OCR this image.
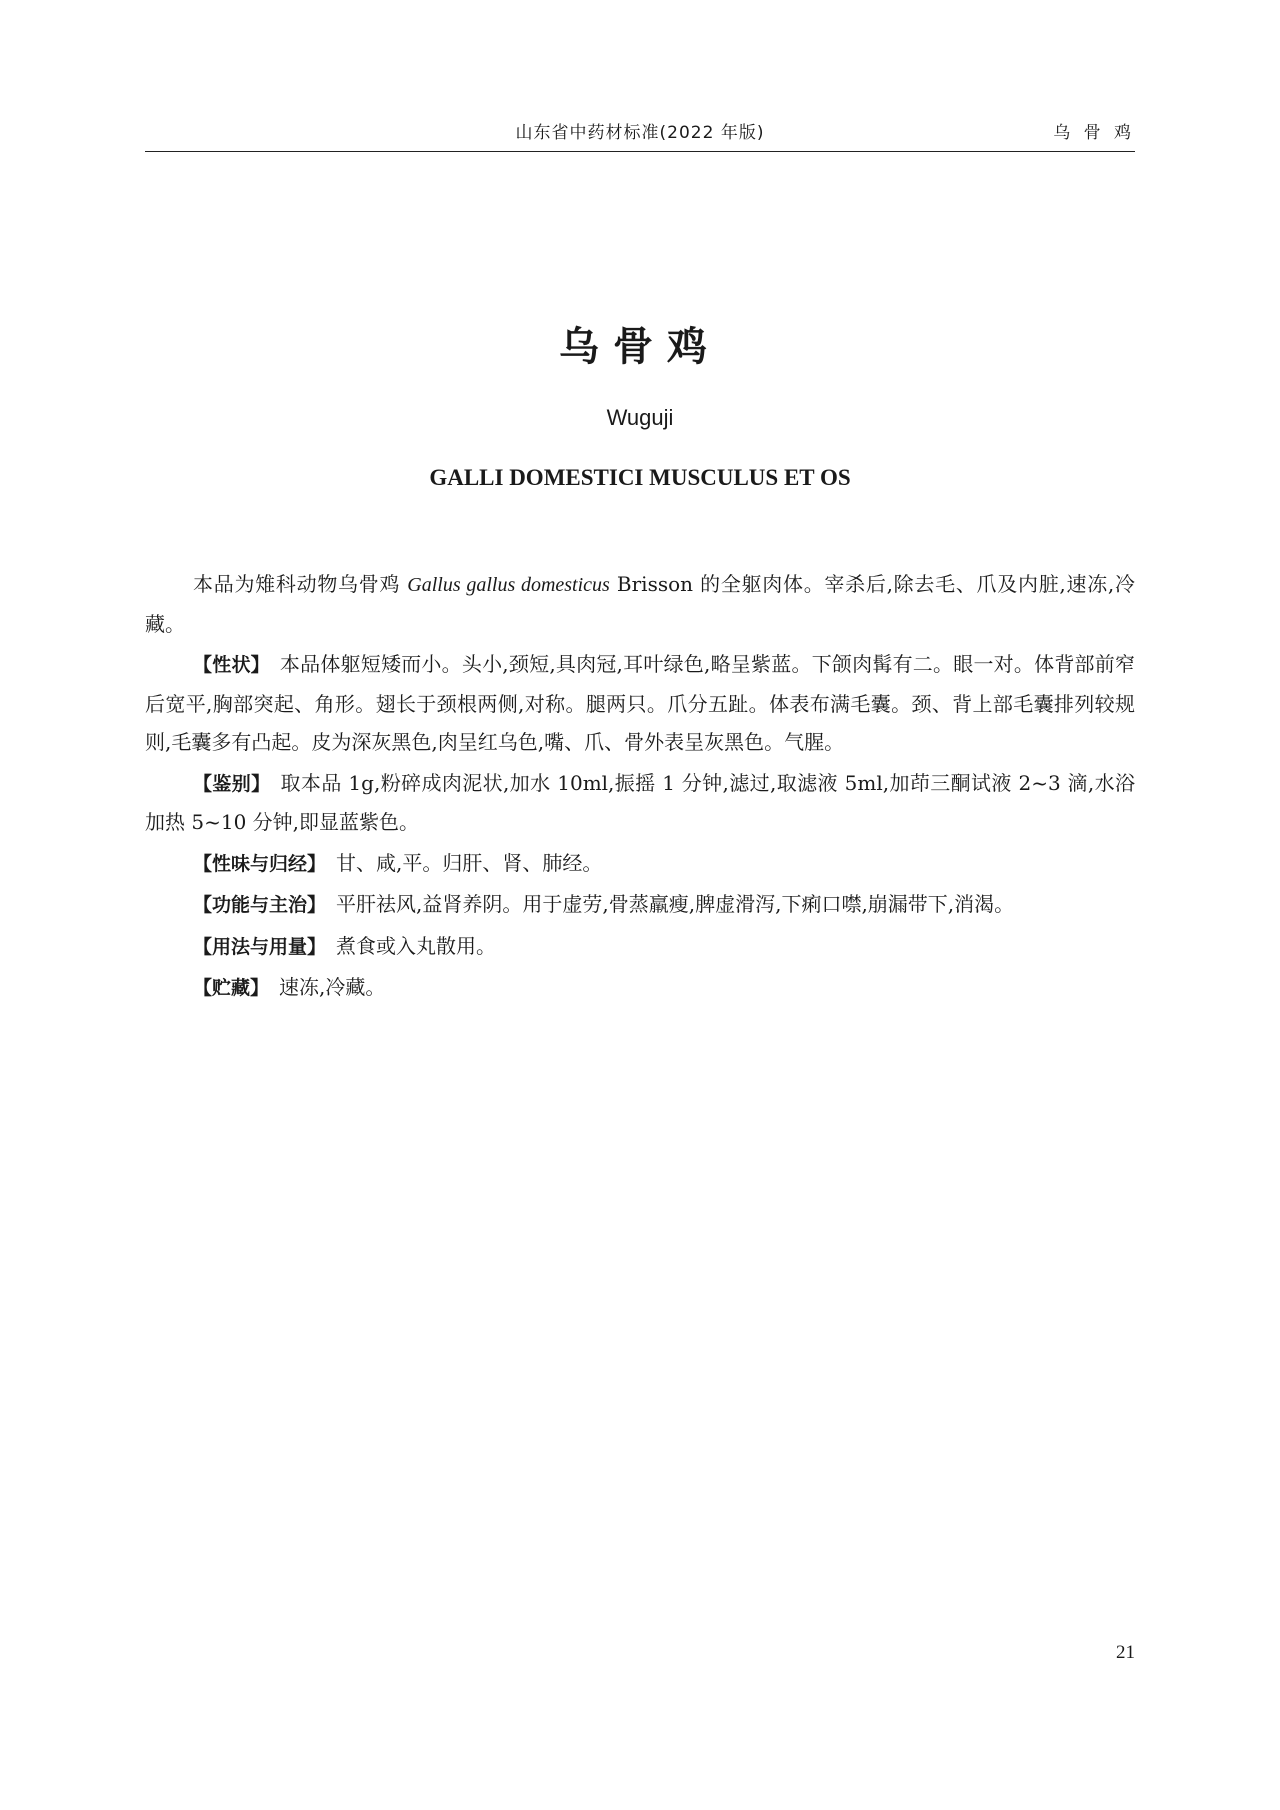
山东省中药材标准(2022 年版)	乌 骨 鸡
乌骨鸡
Wuguji
GALLI DOMESTICI MUSCULUS ET OS

本品为雉科动物乌骨鸡 Gallus gallus domesticus Brisson 的全躯肉体。宰杀后,除去毛、爪及内脏,速冻,冷藏。

【性状】 本品体躯短矮而小。头小,颈短,具肉冠,耳叶绿色,略呈紫蓝。下颌肉髯有二。眼一对。体背部前窄后宽平,胸部突起、角形。翅长于颈根两侧,对称。腿两只。爪分五趾。体表布满毛囊。颈、背上部毛囊排列较规则,毛囊多有凸起。皮为深灰黑色,肉呈红乌色,嘴、爪、骨外表呈灰黑色。气腥。

【鉴别】 取本品 1g,粉碎成肉泥状,加水 10ml,振摇 1 分钟,滤过,取滤液 5ml,加茚三酮试液 2~3 滴,水浴加热 5~10 分钟,即显蓝紫色。

【性味与归经】 甘、咸,平。归肝、肾、肺经。

【功能与主治】 平肝祛风,益肾养阴。用于虚劳,骨蒸羸瘦,脾虚滑泻,下痢口噤,崩漏带下,消渴。

【用法与用量】 煮食或入丸散用。

【贮藏】 速冻,冷藏。

21
